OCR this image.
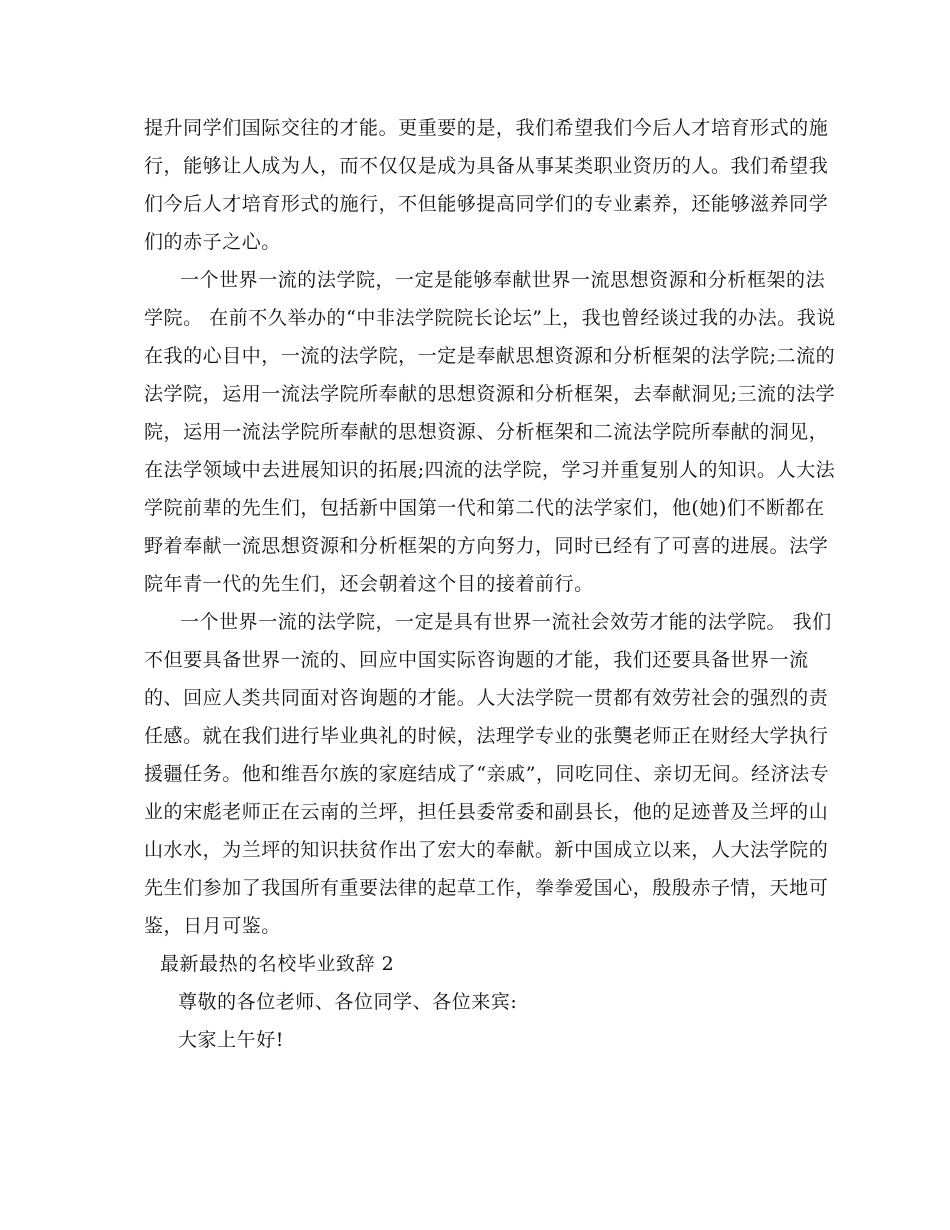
提升同学们国际交往的才能。更重要的是，我们希望我们今后人才培育形式的施

行，能够让人成为人，而不仅仅是成为具备从事某类职业资历的人。我们希望我

们今后人才培育形式的施行，不但能够提高同学们的专业素养，还能够滋养同学

们的赤子之心。

一个世界一流的法学院，一定是能够奉献世界一流思想资源和分析框架的法

学院。 在前不久举办的“中非法学院院长论坛”上，我也曾经谈过我的办法。我说

在我的心目中，一流的法学院，一定是奉献思想资源和分析框架的法学院;二流的

法学院，运用一流法学院所奉献的思想资源和分析框架，去奉献洞见;三流的法学

院，运用一流法学院所奉献的思想资源、分析框架和二流法学院所奉献的洞见，

在法学领域中去进展知识的拓展;四流的法学院，学习并重复别人的知识。人大法

学院前辈的先生们，包括新中国第一代和第二代的法学家们，他(她)们不断都在

野着奉献一流思想资源和分析框架的方向努力，同时已经有了可喜的进展。法学

院年青一代的先生们，还会朝着这个目的接着前行。

一个世界一流的法学院，一定是具有世界一流社会效劳才能的法学院。 我们

不但要具备世界一流的、回应中国实际咨询题的才能，我们还要具备世界一流

的、回应人类共同面对咨询题的才能。人大法学院一贯都有效劳社会的强烈的责

任感。就在我们进行毕业典礼的时候，法理学专业的张龑老师正在财经大学执行

援疆任务。他和维吾尔族的家庭结成了“亲戚”，同吃同住、亲切无间。经济法专

业的宋彪老师正在云南的兰坪，担任县委常委和副县长，他的足迹普及兰坪的山

山水水，为兰坪的知识扶贫作出了宏大的奉献。新中国成立以来，人大法学院的

先生们参加了我国所有重要法律的起草工作，拳拳爱国心，殷殷赤子情，天地可

鉴，日月可鉴。

最新最热的名校毕业致辞 2

尊敬的各位老师、各位同学、各位来宾:

大家上午好!
